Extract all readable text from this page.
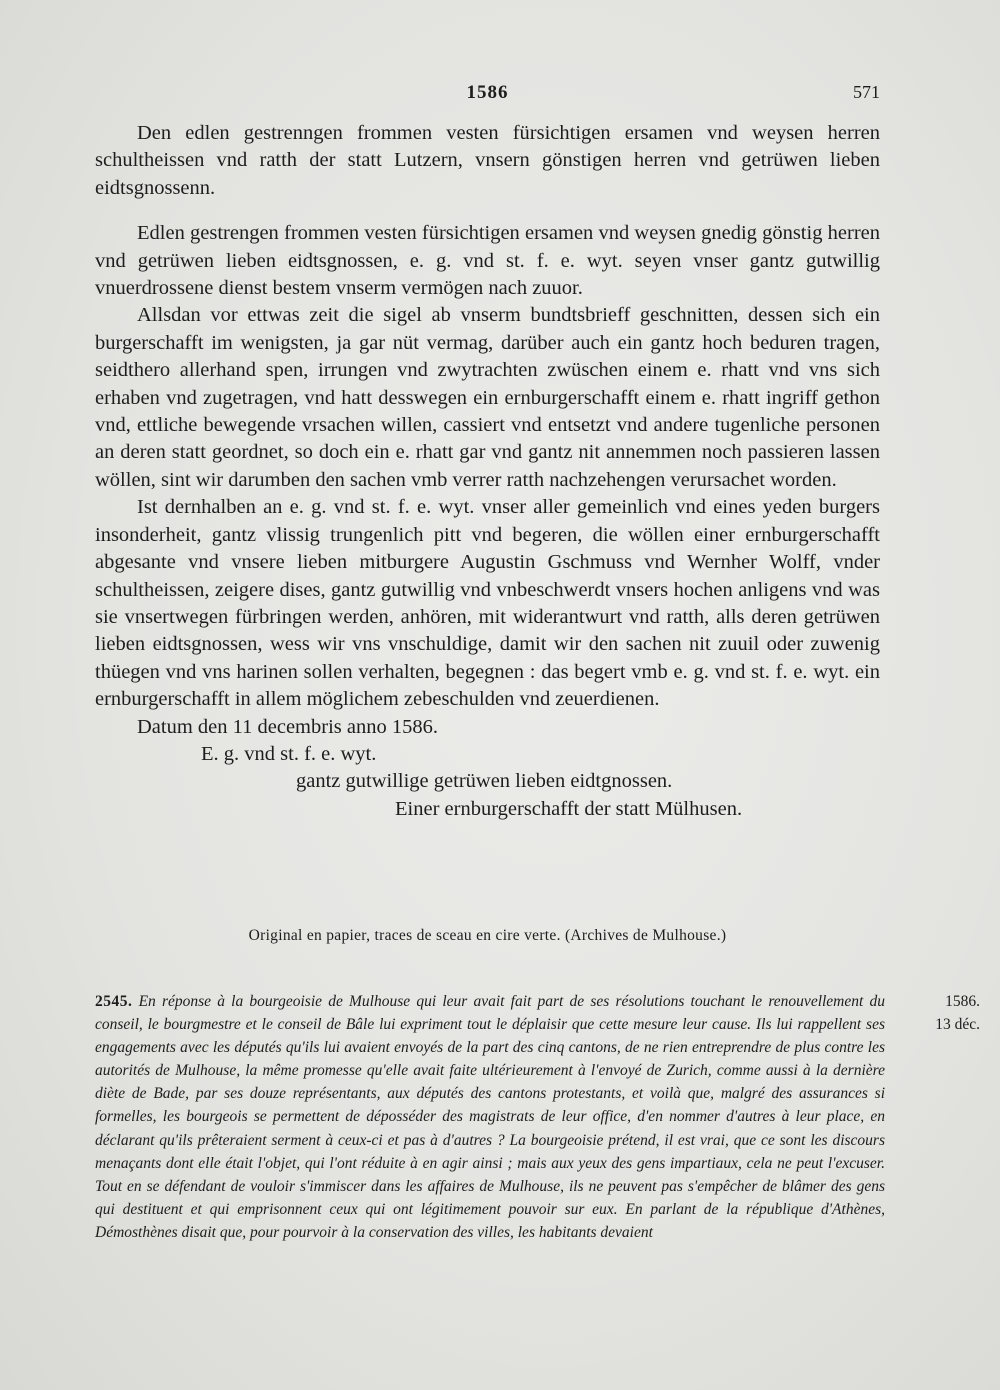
1586	571

Den edlen gestrenngen frommen vesten fürsichtigen ersamen vnd weysen herren schultheissen vnd ratth der statt Lutzern, vnsern gönstigen herren vnd getrüwen lieben eidtsgnossenn.

Edlen gestrengen frommen vesten fürsichtigen ersamen vnd weysen gnedig gönstig herren vnd getrüwen lieben eidtsgnossen, e. g. vnd st. f. e. wyt. seyen vnser gantz gutwillig vnuerdrossene dienst bestem vnserm vermögen nach zuuor.

Allsdan vor ettwas zeit die sigel ab vnserm bundtsbrieff geschnitten, dessen sich ein burgerschafft im wenigsten, ja gar nüt vermag, darüber auch ein gantz hoch beduren tragen, seidthero allerhand spen, irrungen vnd zwytrachten zwüschen einem e. rhatt vnd vns sich erhaben vnd zugetragen, vnd hatt desswegen ein ernburgerschafft einem e. rhatt ingriff gethon vnd, ettliche bewegende vrsachen willen, cassiert vnd entsetzt vnd andere tugenliche personen an deren statt geordnet, so doch ein e. rhatt gar vnd gantz nit annemmen noch passieren lassen wöllen, sint wir darumben den sachen vmb verrer ratth nachzehengen verursachet worden.

Ist dernhalben an e. g. vnd st. f. e. wyt. vnser aller gemeinlich vnd eines yeden burgers insonderheit, gantz vlissig trungenlich pitt vnd begeren, die wöllen einer ernburgerschafft abgesante vnd vnsere lieben mitburgere Augustin Gschmuss vnd Wernher Wolff, vnder schultheissen, zeigere dises, gantz gutwillig vnd vnbeschwerdt vnsers hochen anligens vnd was sie vnsertwegen fürbringen werden, anhören, mit widerantwurt vnd ratth, alls deren getrüwen lieben eidtsgnossen, wess wir vns vnschuldige, damit wir den sachen nit zuuil oder zuwenig thüegen vnd vns harinen sollen verhalten, begegnen : das begert vmb e. g. vnd st. f. e. wyt. ein ernburgerschafft in allem möglichem zebeschulden vnd zeuerdienen.

Datum den 11 decembris anno 1586.

E. g. vnd st. f. e. wyt.

gantz gutwillige getrüwen lieben eidtgnossen.

Einer ernburgerschafft der statt Mülhusen.

Original en papier, traces de sceau en cire verte. (Archives de Mulhouse.)
2545. En réponse à la bourgeoisie de Mulhouse qui leur avait fait part de ses résolutions touchant le renouvellement du conseil, le bourgmestre et le conseil de Bâle lui expriment tout le déplaisir que cette mesure leur cause. Ils lui rappellent ses engagements avec les députés qu'ils lui avaient envoyés de la part des cinq cantons, de ne rien entreprendre de plus contre les autorités de Mulhouse, la même promesse qu'elle avait faite ultérieurement à l'envoyé de Zurich, comme aussi à la dernière diète de Bade, par ses douze représentants, aux députés des cantons protestants, et voilà que, malgré des assurances si formelles, les bourgeois se permettent de déposséder des magistrats de leur office, d'en nommer d'autres à leur place, en déclarant qu'ils prêteraient serment à ceux-ci et pas à d'autres ? La bourgeoisie prétend, il est vrai, que ce sont les discours menaçants dont elle était l'objet, qui l'ont réduite à en agir ainsi ; mais aux yeux des gens impartiaux, cela ne peut l'excuser. Tout en se défendant de vouloir s'immiscer dans les affaires de Mulhouse, ils ne peuvent pas s'empêcher de blâmer des gens qui destituent et qui emprisonnent ceux qui ont légitimement pouvoir sur eux. En parlant de la république d'Athènes, Démosthènes disait que, pour pourvoir à la conservation des villes, les habitants devaient
1586.
13 déc.
